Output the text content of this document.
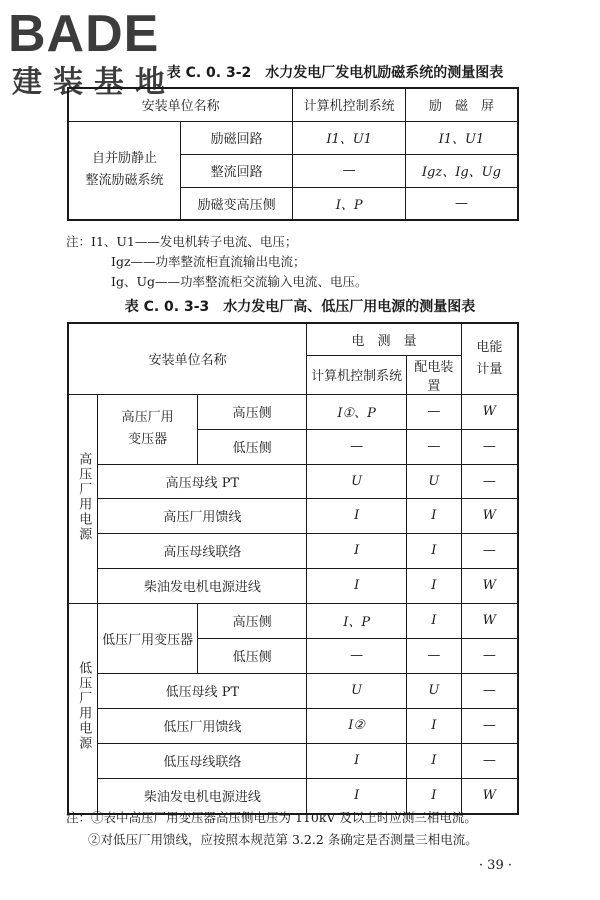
BADE
建装基地
表 C. 0. 3-2　水力发电厂发电机励磁系统的测量图表
安装单位名称		计算机控制系统	励　磁　屏
自并励静止
整流励磁系统	励磁回路	I1、U1	I1、U1
	整流回路	—	Igz、Ig、Ug
	励磁变高压侧	I、P	—
注：I1、U1——发电机转子电流、电压；
Igz——功率整流柜直流输出电流；
Ig、Ug——功率整流柜交流输入电流、电压。
表 C. 0. 3-3　水力发电厂高、低压厂用电源的测量图表
安装单位名称			电　测　量		电能
计量
			计算机控制系统	配电装置	
高压厂用电源	高压厂用
变压器	高压侧	I①、P	—	W
		低压侧	—	—	—
	高压母线 PT		U	U	—
	高压厂用馈线		I	I	W
	高压母线联络		I	I	—
	柴油发电机电源进线		I	I	W
低压厂用电源	低压厂用变压器	高压侧	I、P	I	W
		低压侧	—	—	—
	低压母线 PT		U	U	—
	低压厂用馈线		I②	I	—
	低压母线联络		I	I	—
	柴油发电机电源进线		I	I	W
注：①表中高压厂用变压器高压侧电压为 110kV 及以上时应测三相电流。
②对低压厂用馈线，应按照本规范第 3.2.2 条确定是否测量三相电流。
· 39 ·
